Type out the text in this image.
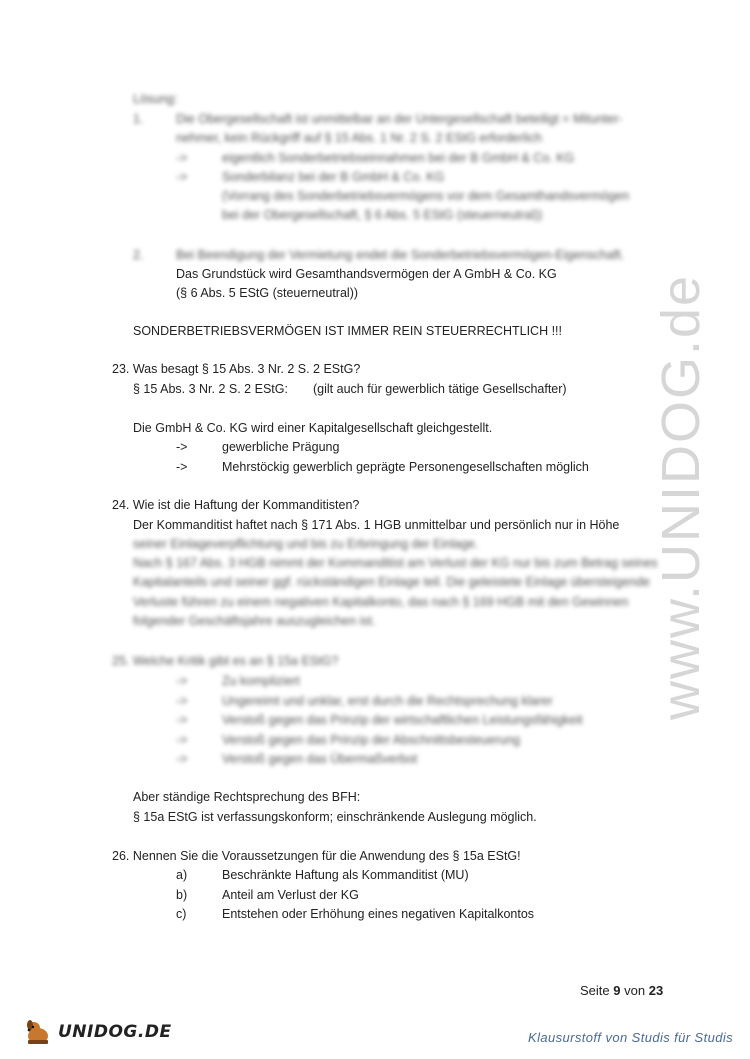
www.UNIDOG.de
Lösung:
1.	Die Obergesellschaft ist unmittelbar an der Untergesellschaft beteiligt = Mitunter-
nehmer, kein Rückgriff auf § 15 Abs. 1 Nr. 2 S. 2 EStG erforderlich
->	eigentlich Sonderbetriebseinnahmen bei der B GmbH & Co. KG
->	Sonderbilanz bei der B GmbH & Co. KG
(Vorrang des Sonderbetriebsvermögens vor dem Gesamthandsvermögen
bei der Obergesellschaft, § 6 Abs. 5 EStG (steuerneutral))
2.	Bei Beendigung der Vermietung endet die Sonderbetriebsvermögen-Eigenschaft.
Das Grundstück wird Gesamthandsvermögen der A GmbH & Co. KG
(§ 6 Abs. 5 EStG (steuerneutral))
SONDERBETRIEBSVERMÖGEN IST IMMER REIN STEUERRECHTLICH !!!
23. Was besagt § 15 Abs. 3 Nr. 2 S. 2 EStG?
§ 15 Abs. 3 Nr. 2 S. 2 EStG: (gilt auch für gewerblich tätige Gesellschafter)
Die GmbH & Co. KG wird einer Kapitalgesellschaft gleichgestellt.
->	gewerbliche Prägung
->	Mehrstöckig gewerblich geprägte Personengesellschaften möglich
24. Wie ist die Haftung der Kommanditisten?
Der Kommanditist haftet nach § 171 Abs. 1 HGB unmittelbar und persönlich nur in Höhe
seiner Einlageverpflichtung und bis zu Erbringung der Einlage.
Nach § 167 Abs. 3 HGB nimmt der Kommanditist am Verlust der KG nur bis zum Betrag seines
Kapitalanteils und seiner ggf. rückständigen Einlage teil. Die geleistete Einlage übersteigende
Verluste führen zu einem negativen Kapitalkonto, das nach § 169 HGB mit den Gewinnen
folgender Geschäftsjahre auszugleichen ist.
25. Welche Kritik gibt es an § 15a EStG?
->	Zu kompliziert
->	Ungereimt und unklar, erst durch die Rechtsprechung klarer
->	Verstoß gegen das Prinzip der wirtschaftlichen Leistungsfähigkeit
->	Verstoß gegen das Prinzip der Abschnittsbesteuerung
->	Verstoß gegen das Übermaßverbot
Aber ständige Rechtsprechung des BFH:
§ 15a EStG ist verfassungskonform; einschränkende Auslegung möglich.
26. Nennen Sie die Voraussetzungen für die Anwendung des § 15a EStG!
a)	Beschränkte Haftung als Kommanditist (MU)
b)	Anteil am Verlust der KG
c)	Entstehen oder Erhöhung eines negativen Kapitalkontos
Seite 9 von 23
UNIDOG.DE	Klausurstoff von Studis für Studis
